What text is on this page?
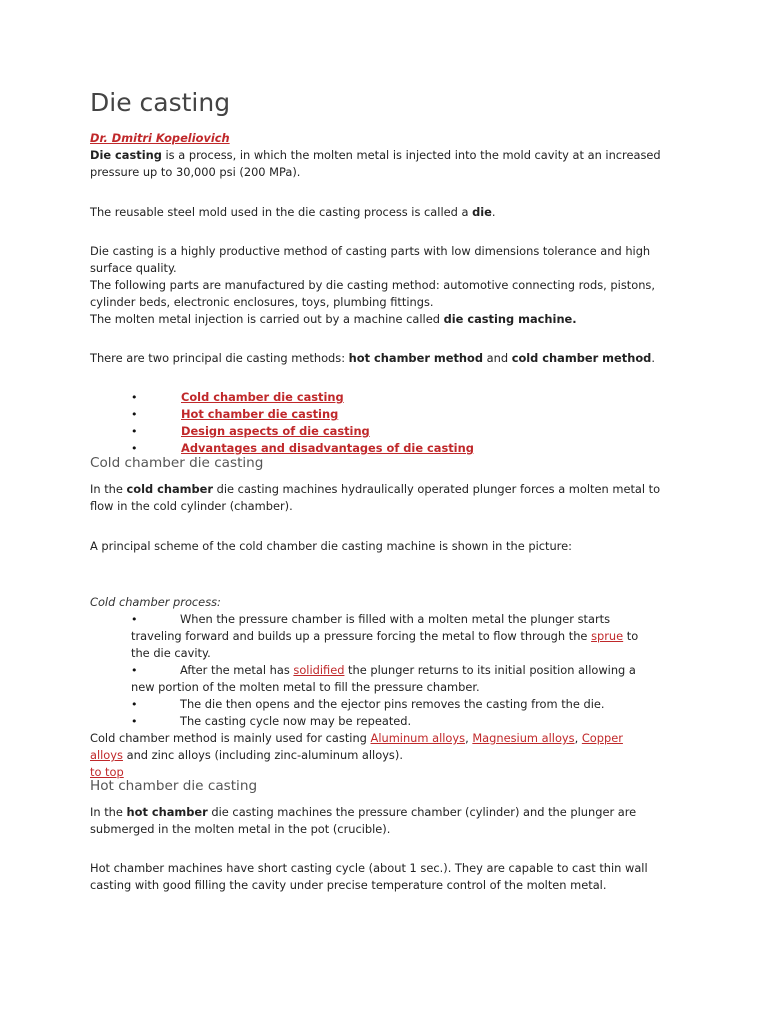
Die casting
Dr. Dmitri Kopeliovich
Die casting is a process, in which the molten metal is injected into the mold cavity at an increased
pressure up to 30,000 psi (200 MPa).
The reusable steel mold used in the die casting process is called a die.
Die casting is a highly productive method of casting parts with low dimensions tolerance and high
surface quality.
The following parts are manufactured by die casting method: automotive connecting rods, pistons,
cylinder beds, electronic enclosures, toys, plumbing fittings.
The molten metal injection is carried out by a machine called die casting machine.
There are two principal die casting methods: hot chamber method and cold chamber method.
•	Cold chamber die casting
•	Hot chamber die casting
•	Design aspects of die casting
•	Advantages and disadvantages of die casting
Cold chamber die casting
In the cold chamber die casting machines hydraulically operated plunger forces a molten metal to
flow in the cold cylinder (chamber).
A principal scheme of the cold chamber die casting machine is shown in the picture:
Cold chamber process:
•	When the pressure chamber is filled with a molten metal the plunger starts
traveling forward and builds up a pressure forcing the metal to flow through the sprue to
the die cavity.
•	After the metal has solidified the plunger returns to its initial position allowing a
new portion of the molten metal to fill the pressure chamber.
•	The die then opens and the ejector pins removes the casting from the die.
•	The casting cycle now may be repeated.
Cold chamber method is mainly used for casting Aluminum alloys, Magnesium alloys, Copper
alloys and zinc alloys (including zinc-aluminum alloys).
to top
Hot chamber die casting
In the hot chamber die casting machines the pressure chamber (cylinder) and the plunger are
submerged in the molten metal in the pot (crucible).
Hot chamber machines have short casting cycle (about 1 sec.). They are capable to cast thin wall
casting with good filling the cavity under precise temperature control of the molten metal.
